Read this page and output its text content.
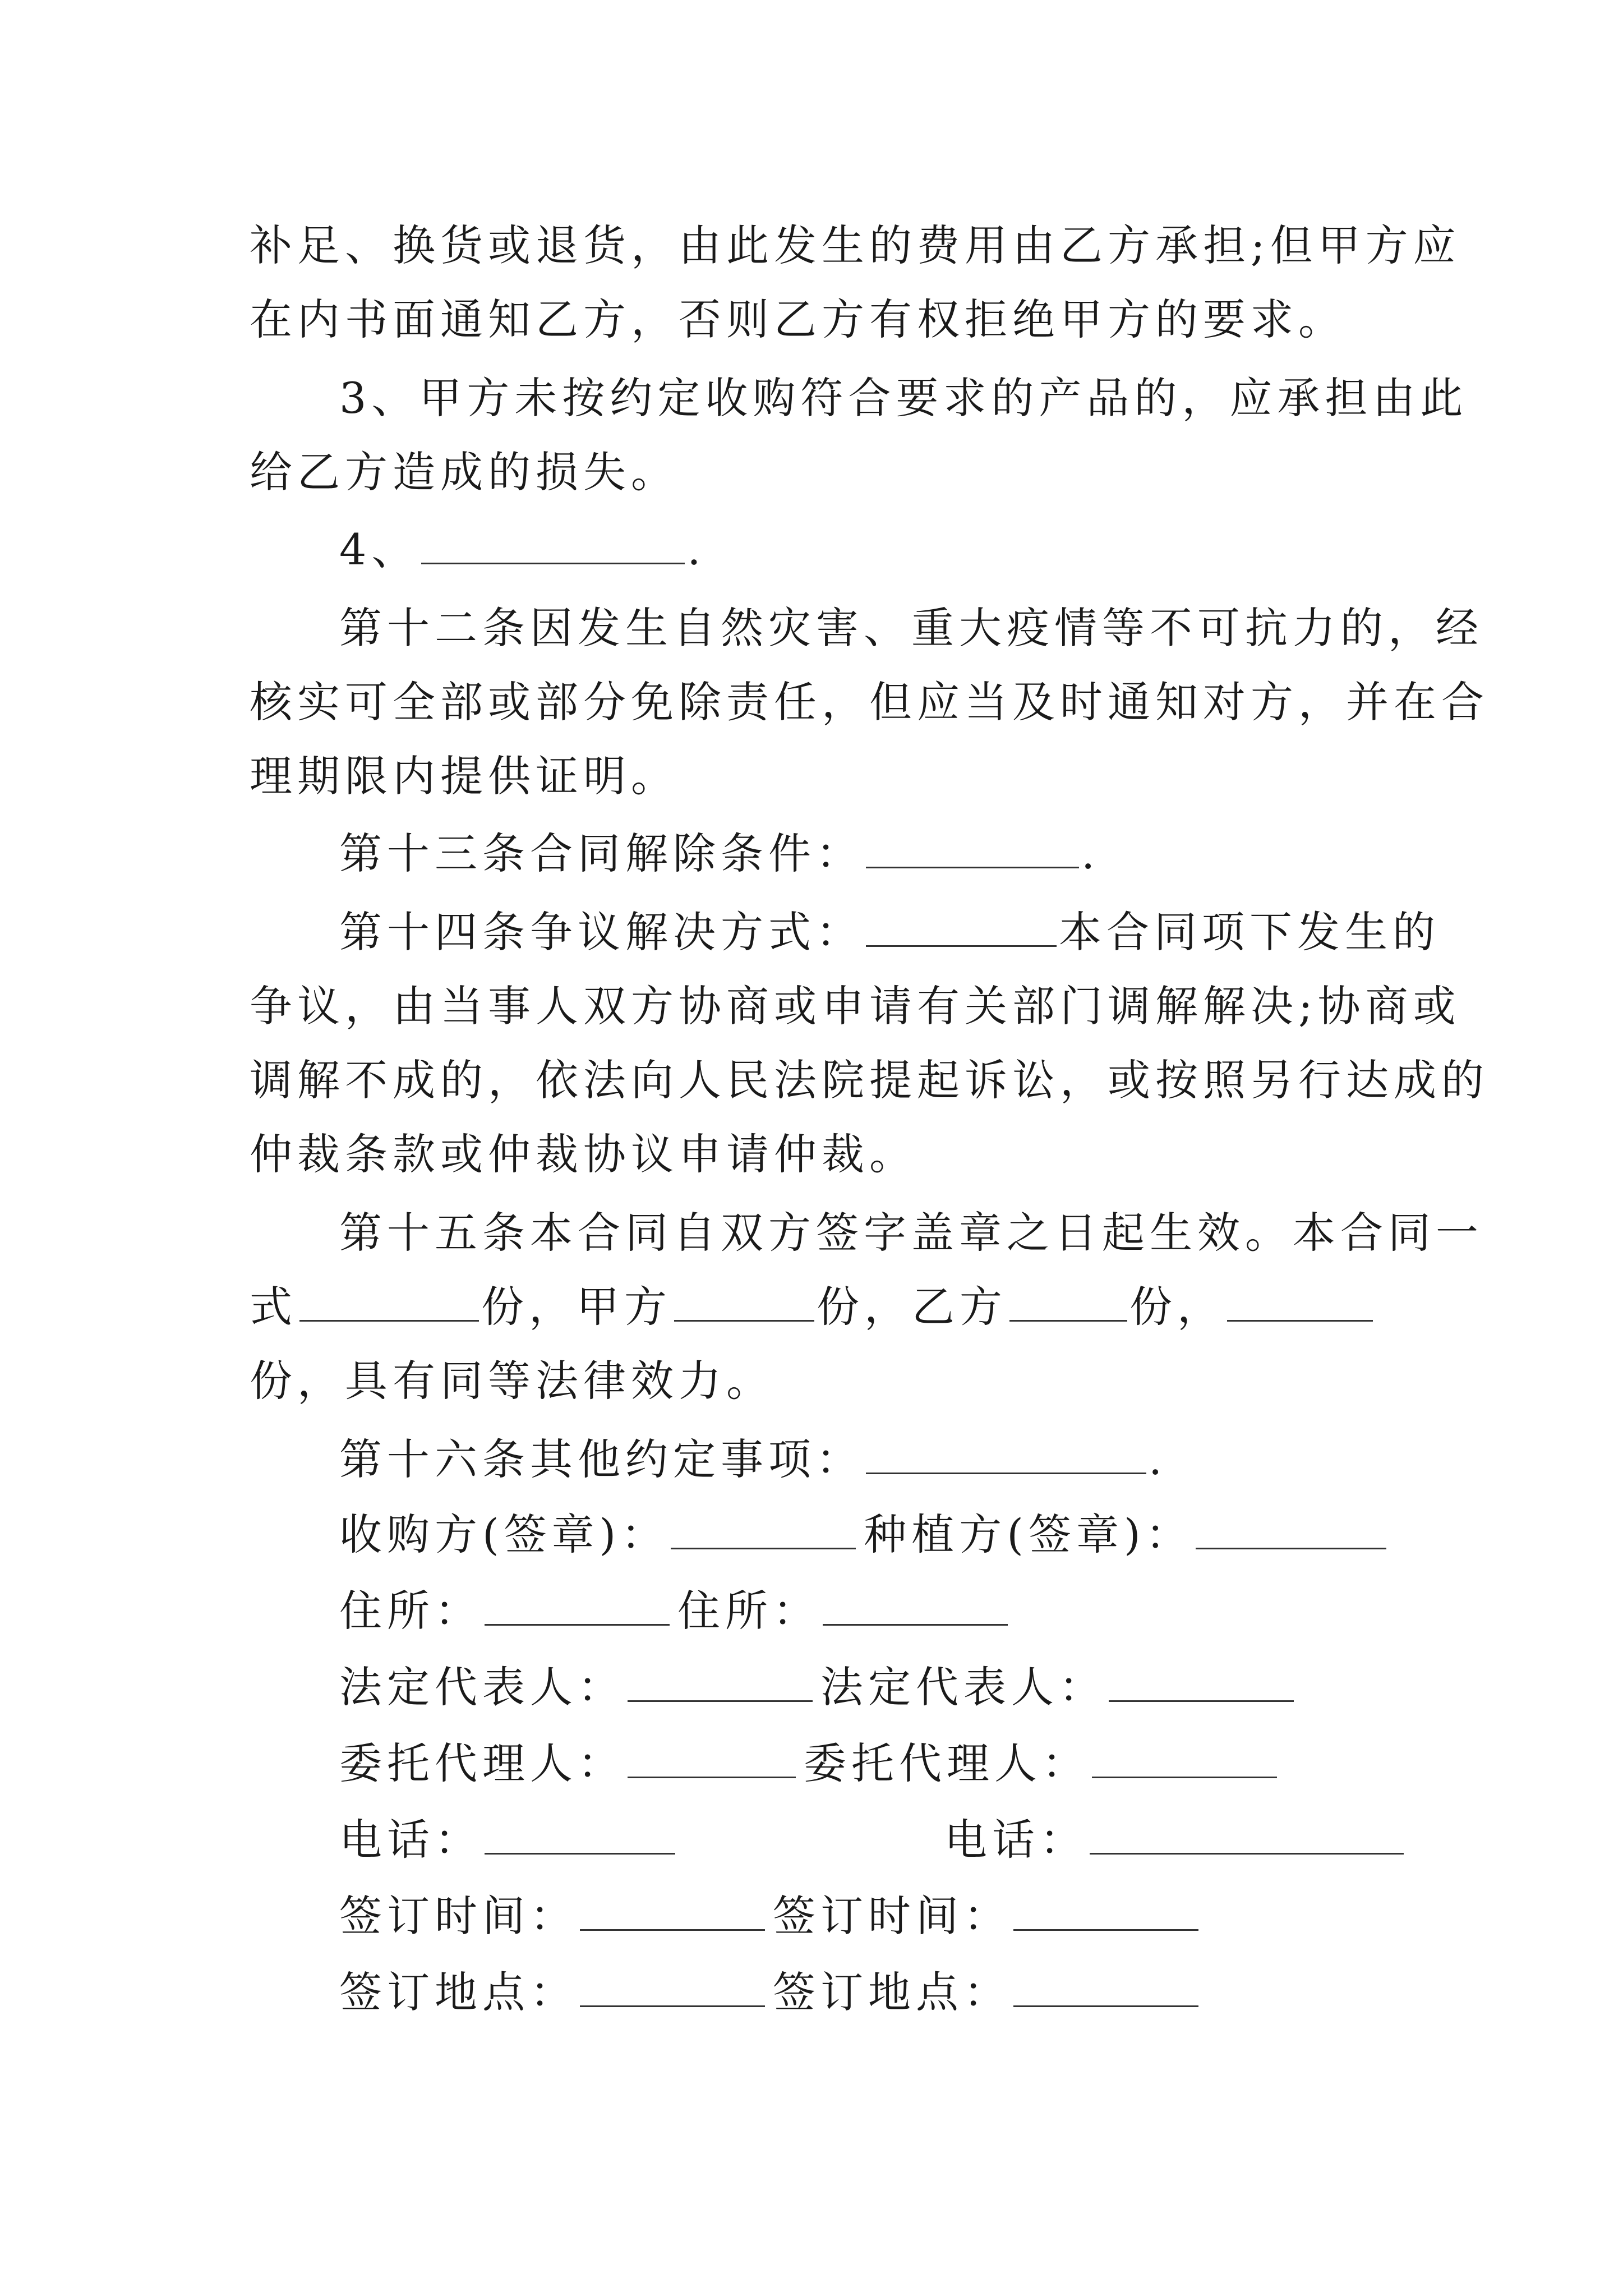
补足、换货或退货，由此发生的费用由乙方承担;但甲方应
在内书面通知乙方，否则乙方有权拒绝甲方的要求。
3、甲方未按约定收购符合要求的产品的，应承担由此
给乙方造成的损失。
4、	.
第十二条因发生自然灾害、重大疫情等不可抗力的，经
核实可全部或部分免除责任，但应当及时通知对方，并在合
理期限内提供证明。
第十三条合同解除条件：	.
第十四条争议解决方式：	本合同项下发生的
争议，由当事人双方协商或申请有关部门调解解决;协商或
调解不成的，依法向人民法院提起诉讼，或按照另行达成的
仲裁条款或仲裁协议申请仲裁。
第十五条本合同自双方签字盖章之日起生效。本合同一
式	份，甲方	份，乙方	份，
份，具有同等法律效力。
第十六条其他约定事项：	.
收购方(签章)：	种植方(签章)：
住所：	住所：
法定代表人：	法定代表人：
委托代理人：	委托代理人：
电话：	电话：
签订时间：	签订时间：
签订地点：	签订地点：
